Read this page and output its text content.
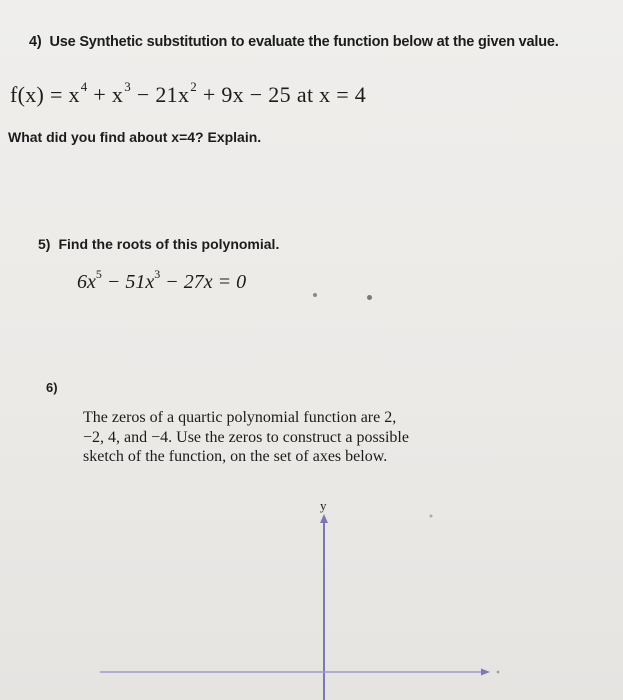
4) Use Synthetic substitution to evaluate the function below at the given value.
$f(x) = x^4 + x^3 - 21x^2 + 9x - 25$ at x = 4
What did you find about x=4? Explain.
5) Find the roots of this polynomial.
$6x^5 - 51x^3 - 27x = 0$
6)
The zeros of a quartic polynomial function are 2,
−2, 4, and −4. Use the zeros to construct a possible
sketch of the function, on the set of axes below.
y
